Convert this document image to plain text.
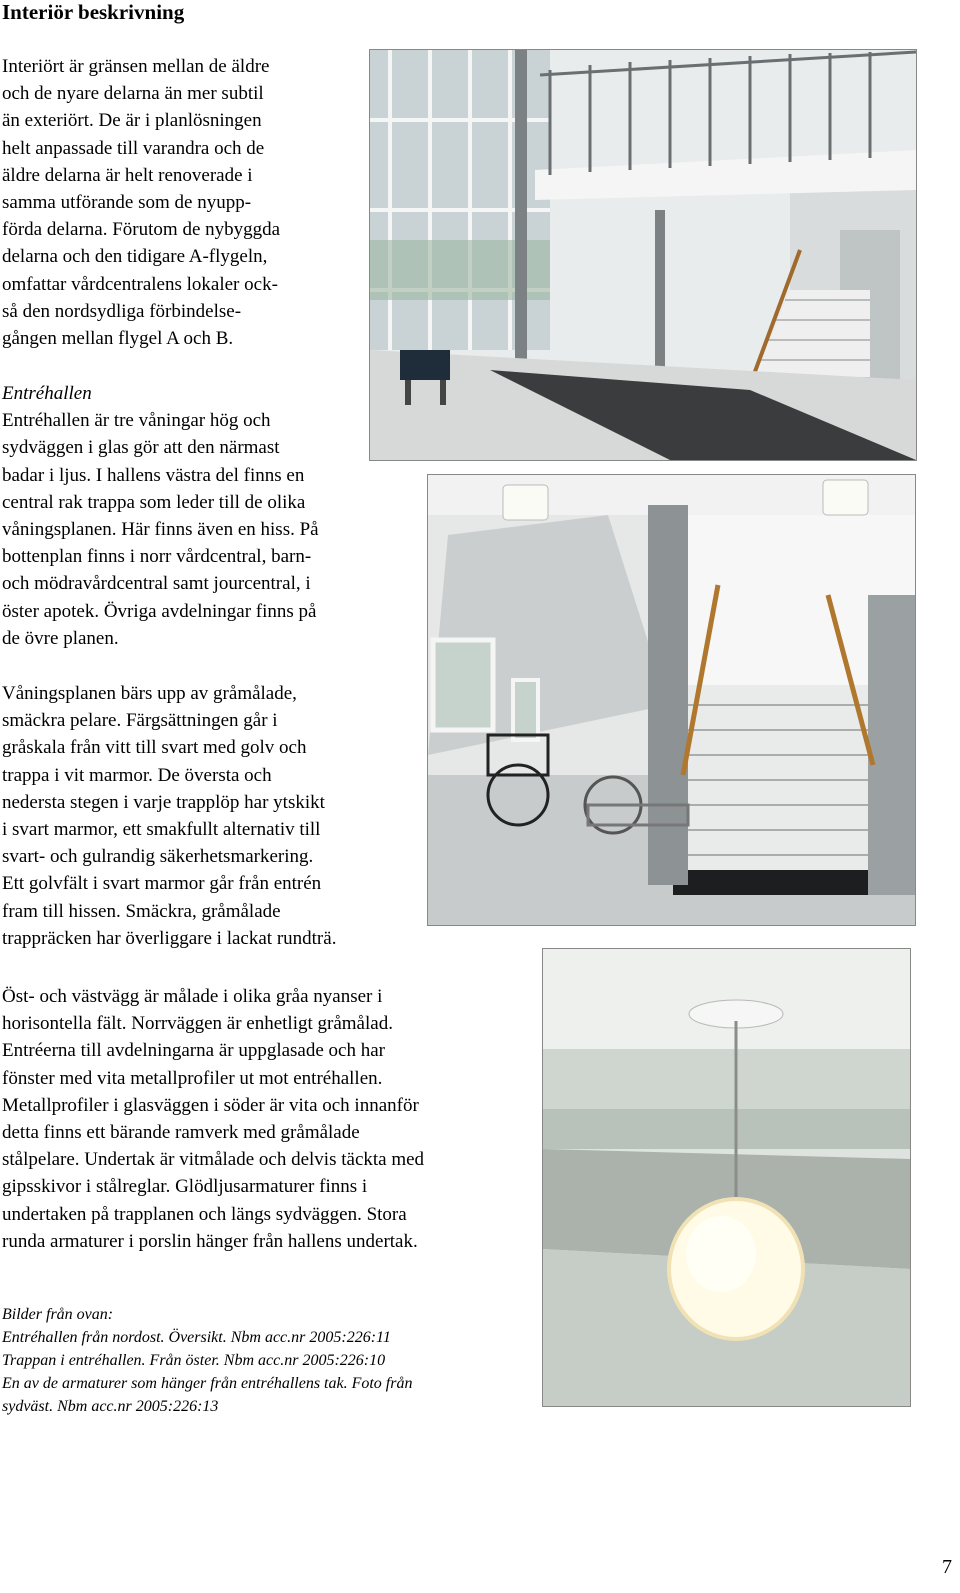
Interiör beskrivning

Interiört är gränsen mellan de äldre
och de nyare delarna än mer subtil
än exteriört. De är i planlösningen
helt anpassade till varandra och de
äldre delarna är helt renoverade i
samma utförande som de nyupp-
förda delarna. Förutom de nybyggda
delarna och den tidigare A-flygeln,
omfattar vårdcentralens lokaler ock-
så den nordsydliga förbindelse-
gången mellan flygel A och B.

Entréhallen
Entréhallen är tre våningar hög och
sydväggen i glas gör att den närmast
badar i ljus. I hallens västra del finns en
central rak trappa som leder till de olika
våningsplanen. Här finns även en hiss. På
bottenplan finns i norr vårdcentral, barn-
och mödravårdcentral samt jourcentral, i
öster apotek. Övriga avdelningar finns på
de övre planen.

Våningsplanen bärs upp av gråmålade,
smäckra pelare. Färgsättningen går i
gråskala från vitt till svart med golv och
trappa i vit marmor. De översta och
nedersta stegen i varje trapplöp har ytskikt
i svart marmor, ett smakfullt alternativ till
svart- och gulrandig säkerhetsmarkering.
Ett golvfält i svart marmor går från entrén
fram till hissen. Smäckra, gråmålade
trappräcken har överliggare i lackat rundträ.

Öst- och västvägg är målade i olika gråa nyanser i
horisontella fält. Norrväggen är enhetligt gråmålad.
Entréerna till avdelningarna är uppglasade och har
fönster med vita metallprofiler ut mot entréhallen.
Metallprofiler i glasväggen i söder är vita och innanför
detta finns ett bärande ramverk med gråmålade
stålpelare. Undertak är vitmålade och delvis täckta med
gipsskivor i stålreglar. Glödljusarmaturer finns i
undertaken på trapplanen och längs sydväggen. Stora
runda armaturer i porslin hänger från hallens undertak.

Bilder från ovan:
Entréhallen från nordost. Översikt. Nbm acc.nr 2005:226:11
Trappan i entréhallen. Från öster. Nbm acc.nr 2005:226:10
En av de armaturer som hänger från entréhallens tak. Foto från
sydväst. Nbm acc.nr 2005:226:13

7
